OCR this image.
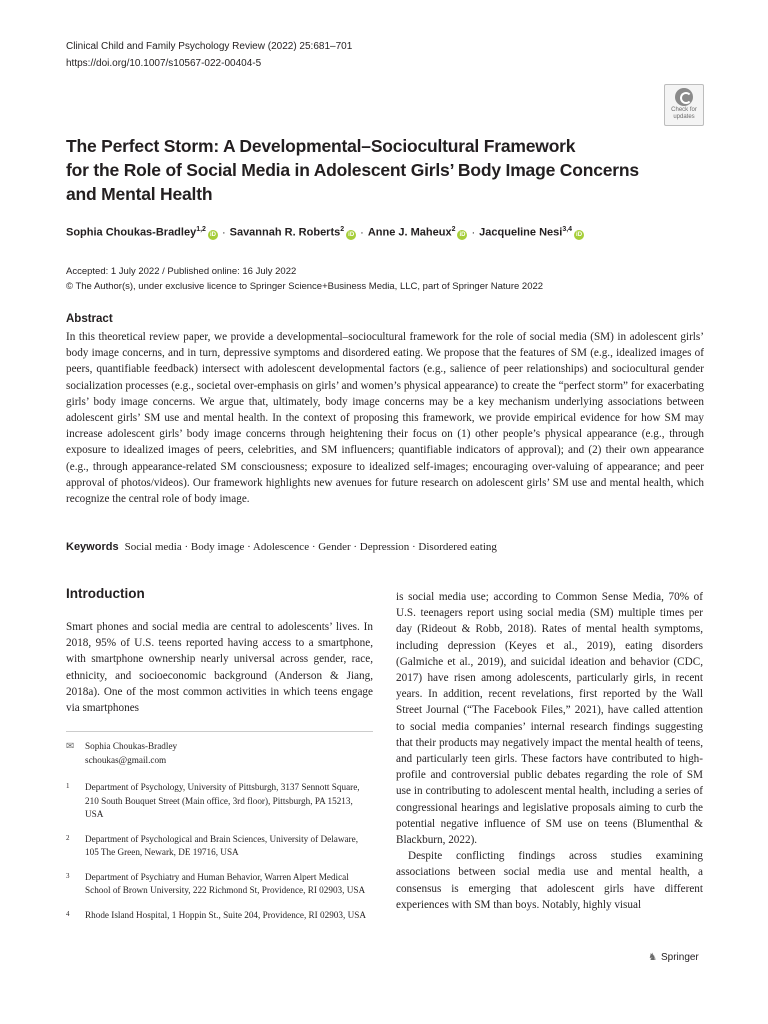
Clinical Child and Family Psychology Review (2022) 25:681–701
https://doi.org/10.1007/s10567-022-00404-5
Check for
updates
The Perfect Storm: A Developmental–Sociocultural Framework
for the Role of Social Media in Adolescent Girls’ Body Image Concerns
and Mental Health
Sophia Choukas-Bradley$^{1,2}$iD · Savannah R. Roberts$^2$iD · Anne J. Maheux$^2$iD · Jacqueline Nesi$^{3,4}$iD
Accepted: 1 July 2022 / Published online: 16 July 2022
© The Author(s), under exclusive licence to Springer Science+Business Media, LLC, part of Springer Nature 2022
Abstract
In this theoretical review paper, we provide a developmental–sociocultural framework for the role of social media (SM) in adolescent girls’ body image concerns, and in turn, depressive symptoms and disordered eating. We propose that the features of SM (e.g., idealized images of peers, quantifiable feedback) intersect with adolescent developmental factors (e.g., salience of peer relationships) and sociocultural gender socialization processes (e.g., societal over-emphasis on girls’ and women’s physical appearance) to create the “perfect storm” for exacerbating girls’ body image concerns. We argue that, ultimately, body image concerns may be a key mechanism underlying associations between adolescent girls’ SM use and mental health. In the context of proposing this framework, we provide empirical evidence for how SM may increase adolescent girls’ body image concerns through heightening their focus on (1) other people’s physical appearance (e.g., through exposure to idealized images of peers, celebrities, and SM influencers; quantifiable indicators of approval); and (2) their own appearance (e.g., through appearance-related SM consciousness; exposure to idealized self-images; encouraging over-valuing of appearance; and peer approval of photos/videos). Our framework highlights new avenues for future research on adolescent girls’ SM use and mental health, which recognize the central role of body image.
Keywords Social media · Body image · Adolescence · Gender · Depression · Disordered eating
Introduction
Smart phones and social media are central to adolescents’ lives. In 2018, 95% of U.S. teens reported having access to a smartphone, with smartphone ownership nearly universal across gender, race, ethnicity, and socioeconomic background (Anderson & Jiang, 2018a). One of the most common activities in which teens engage via smartphones

is social media use; according to Common Sense Media, 70% of U.S. teenagers report using social media (SM) multiple times per day (Rideout & Robb, 2018). Rates of mental health symptoms, including depression (Keyes et al., 2019), eating disorders (Galmiche et al., 2019), and suicidal ideation and behavior (CDC, 2017) have risen among adolescents, particularly girls, in recent years. In addition, recent revelations, first reported by the Wall Street Journal (“The Facebook Files,” 2021), have called attention to social media companies’ internal research findings suggesting that their products may negatively impact the mental health of teens, and particularly teen girls. These factors have contributed to high-profile and controversial public debates regarding the role of SM use in contributing to adolescent mental health, including a series of congressional hearings and legislative proposals aiming to curb the potential negative influence of SM use on teens (Blumenthal & Blackburn, 2022).

Despite conflicting findings across studies examining associations between social media use and mental health, a consensus is emerging that adolescent girls have different experiences with SM than boys. Notably, highly visual

✉	Sophia Choukas-Bradley
schoukas@gmail.com
1	Department of Psychology, University of Pittsburgh, 3137 Sennott Square, 210 South Bouquet Street (Main office, 3rd floor), Pittsburgh, PA 15213, USA
2	Department of Psychological and Brain Sciences, University of Delaware, 105 The Green, Newark, DE 19716, USA
3	Department of Psychiatry and Human Behavior, Warren Alpert Medical School of Brown University, 222 Richmond St, Providence, RI 02903, USA
4	Rhode Island Hospital, 1 Hoppin St., Suite 204, Providence, RI 02903, USA
♞ Springer
